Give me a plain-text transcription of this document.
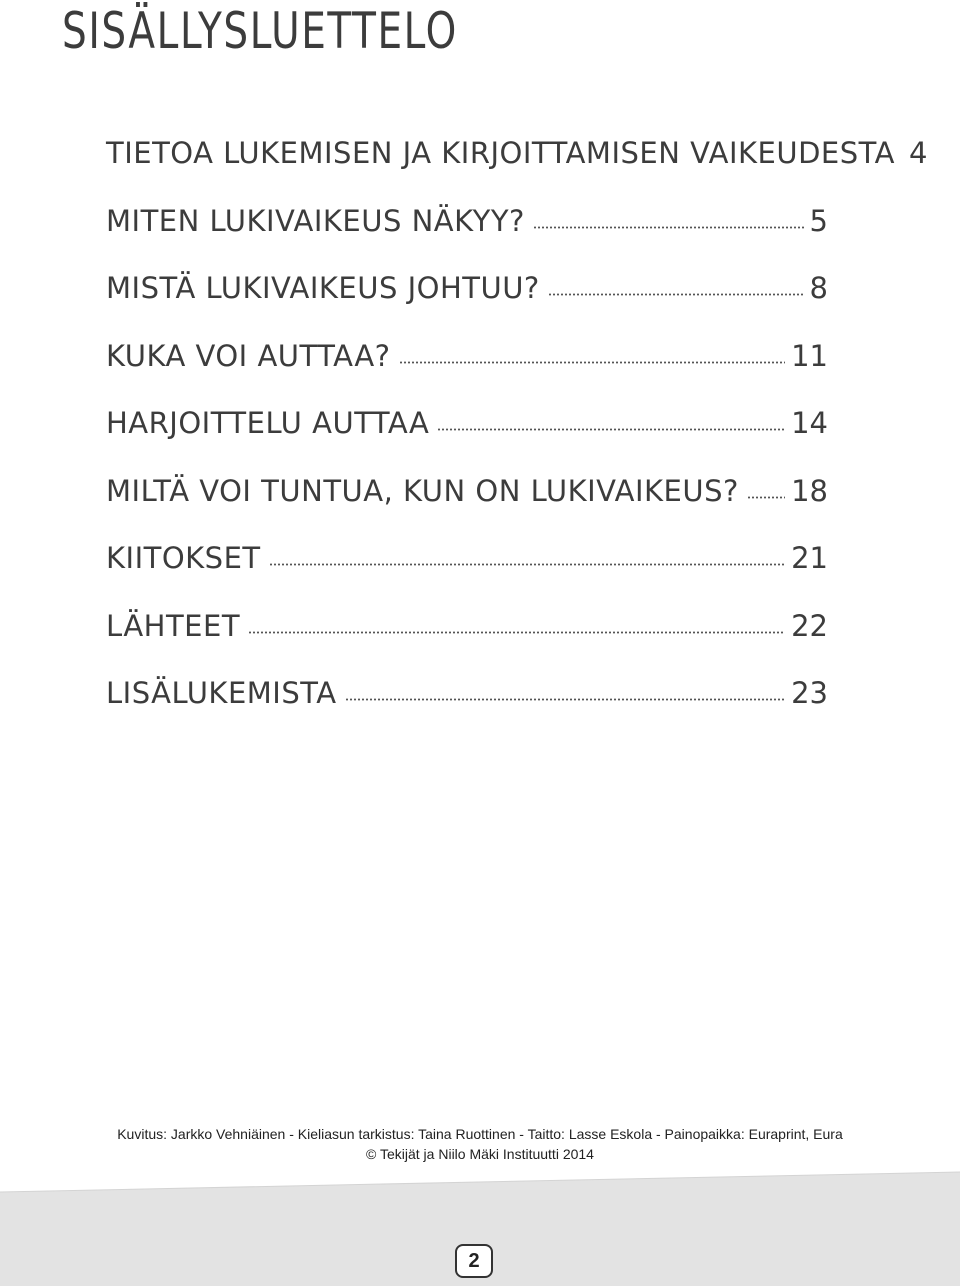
SISÄLLYSLUETTELO
TIETOA LUKEMISEN JA KIRJOITTAMISEN VAIKEUDESTA 4
MITEN LUKIVAIKEUS NÄKYY?	5
MISTÄ LUKIVAIKEUS JOHTUU?	8
KUKA VOI AUTTAA?	11
HARJOITTELU AUTTAA	14
MILTÄ VOI TUNTUA, KUN ON LUKIVAIKEUS? 18
KIITOKSET	21
LÄHTEET	22
LISÄLUKEMISTA	23
Kuvitus: Jarkko Vehniäinen - Kieliasun tarkistus: Taina Ruottinen - Taitto: Lasse Eskola - Painopaikka: Euraprint, Eura
© Tekijät ja Niilo Mäki Instituutti 2014
2
